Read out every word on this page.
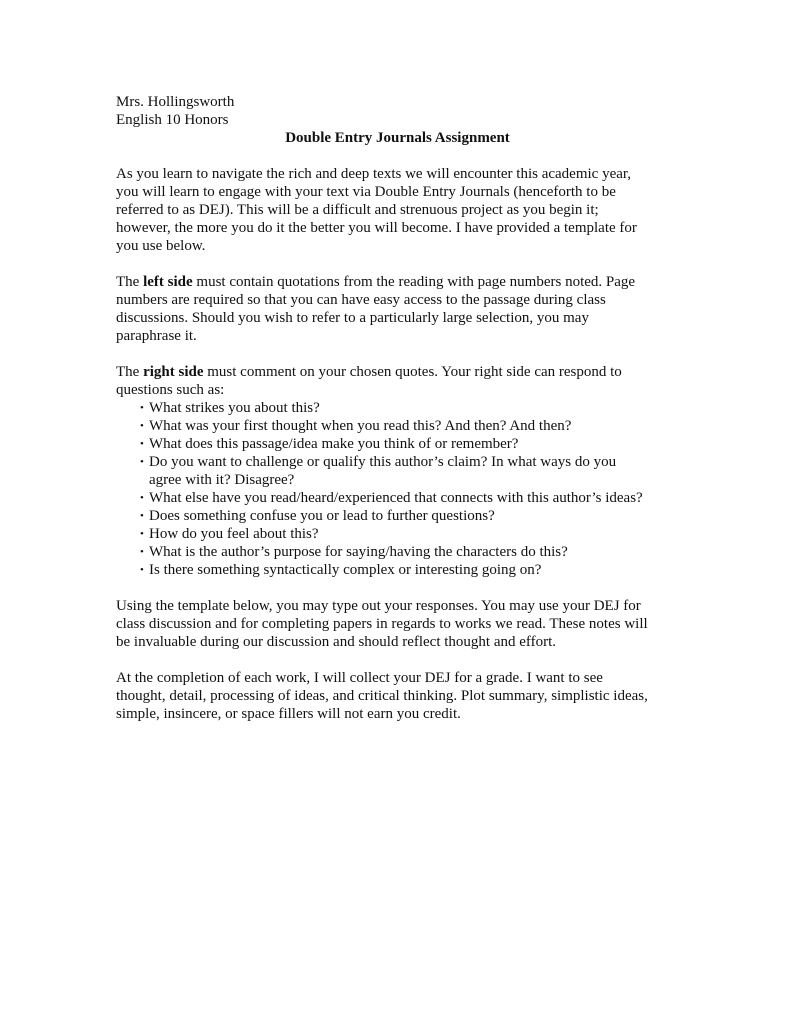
Mrs. Hollingsworth
English 10 Honors
Double Entry Journals Assignment

As you learn to navigate the rich and deep texts we will encounter this academic year,
you will learn to engage with your text via Double Entry Journals (henceforth to be
referred to as DEJ). This will be a difficult and strenuous project as you begin it;
however, the more you do it the better you will become. I have provided a template for
you use below.

The left side must contain quotations from the reading with page numbers noted. Page
numbers are required so that you can have easy access to the passage during class
discussions. Should you wish to refer to a particularly large selection, you may
paraphrase it.

The right side must comment on your chosen quotes. Your right side can respond to
questions such as:

• What strikes you about this?
• What was your first thought when you read this? And then? And then?
• What does this passage/idea make you think of or remember?
• Do you want to challenge or qualify this author’s claim? In what ways do you
agree with it? Disagree?
• What else have you read/heard/experienced that connects with this author’s ideas?
• Does something confuse you or lead to further questions?
• How do you feel about this?
• What is the author’s purpose for saying/having the characters do this?
• Is there something syntactically complex or interesting going on?

Using the template below, you may type out your responses. You may use your DEJ for
class discussion and for completing papers in regards to works we read. These notes will
be invaluable during our discussion and should reflect thought and effort.

At the completion of each work, I will collect your DEJ for a grade. I want to see
thought, detail, processing of ideas, and critical thinking. Plot summary, simplistic ideas,
simple, insincere, or space fillers will not earn you credit.
